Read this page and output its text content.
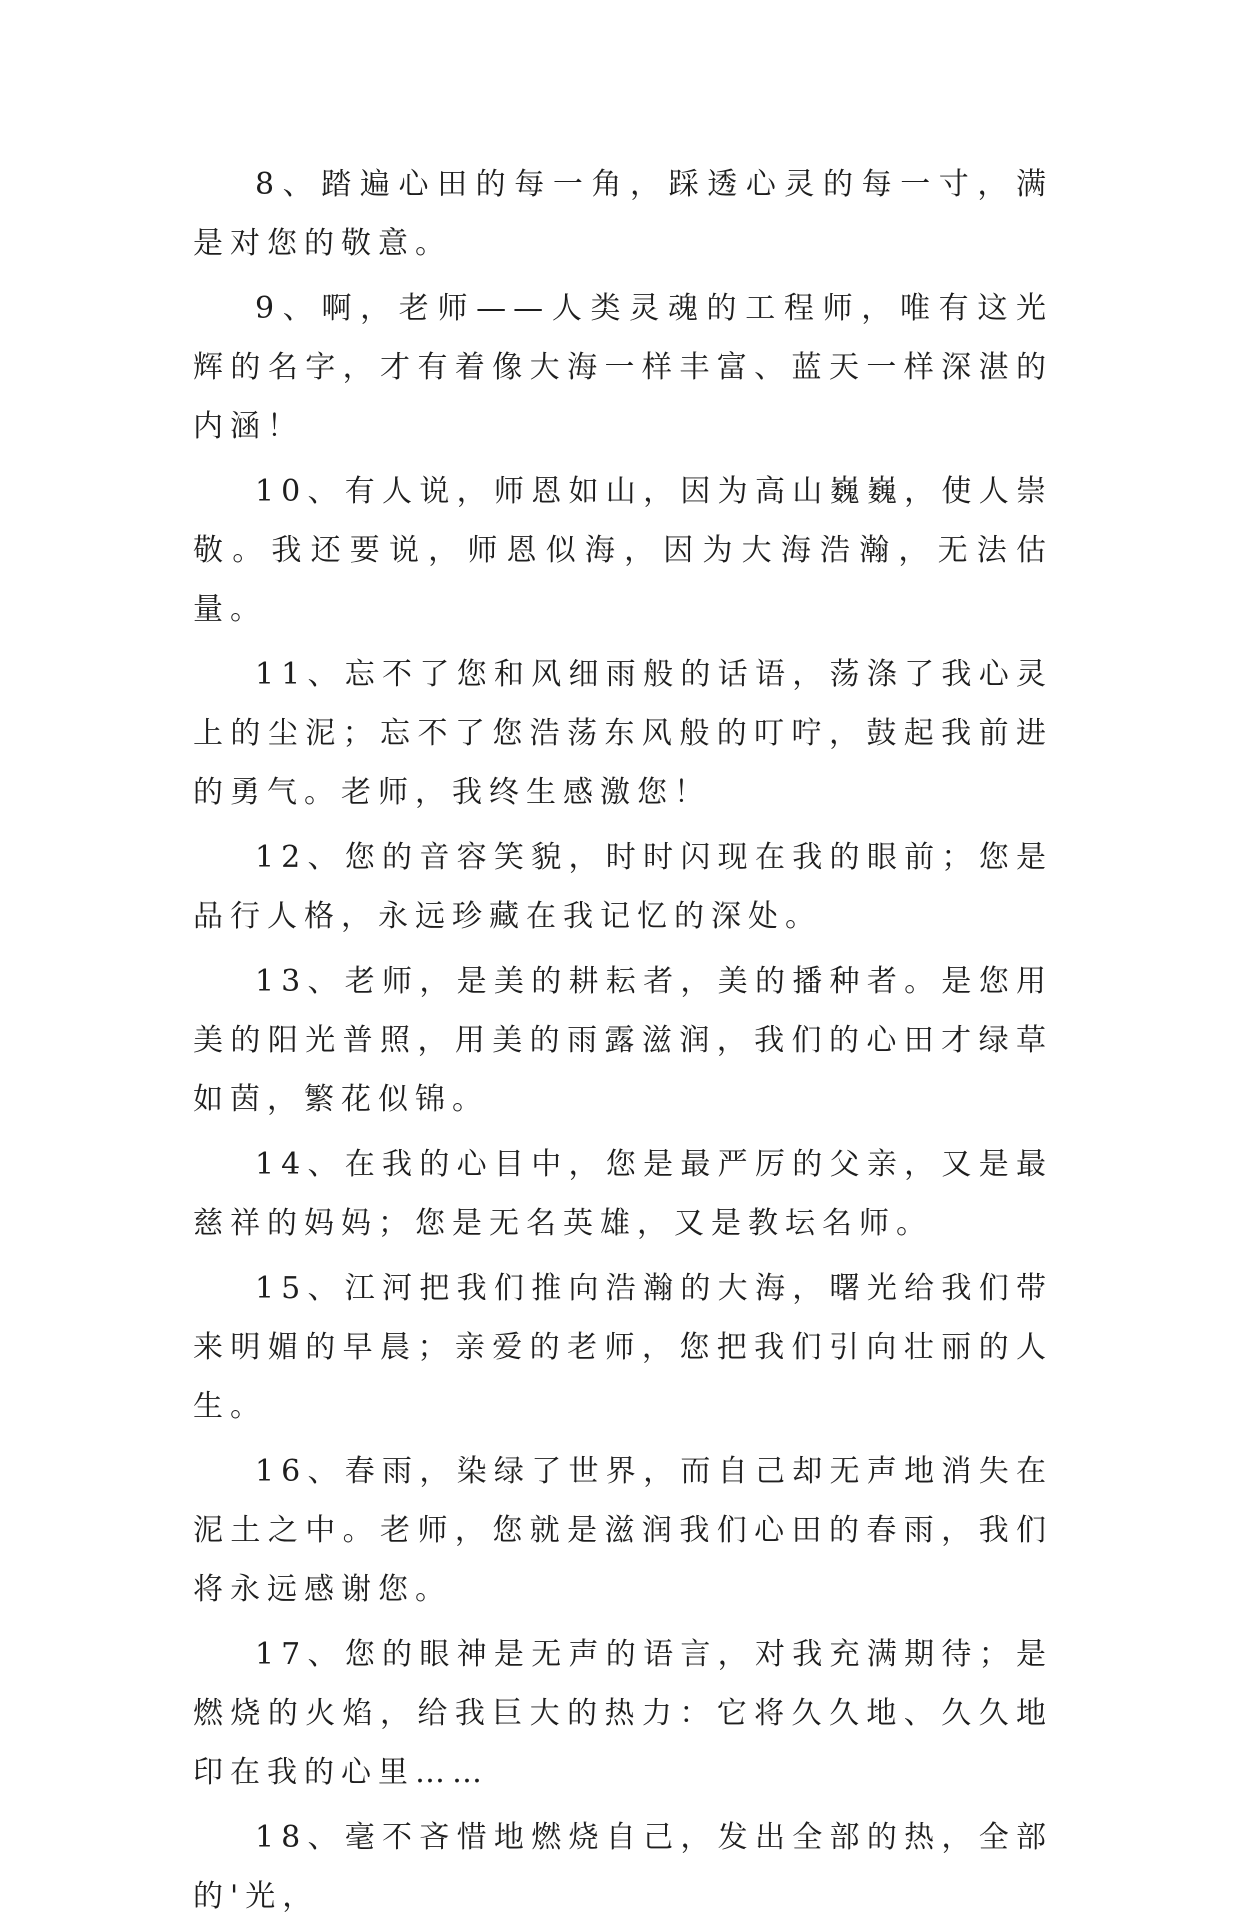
8、踏遍心田的每一角，踩透心灵的每一寸，满是对您的敬意。

9、啊，老师——人类灵魂的工程师，唯有这光辉的名字，才有着像大海一样丰富、蓝天一样深湛的内涵！

10、有人说，师恩如山，因为高山巍巍，使人崇敬。我还要说，师恩似海，因为大海浩瀚，无法估量。

11、忘不了您和风细雨般的话语，荡涤了我心灵上的尘泥；忘不了您浩荡东风般的叮咛，鼓起我前进的勇气。老师，我终生感激您！

12、您的音容笑貌，时时闪现在我的眼前；您是品行人格，永远珍藏在我记忆的深处。

13、老师，是美的耕耘者，美的播种者。是您用美的阳光普照，用美的雨露滋润，我们的心田才绿草如茵，繁花似锦。

14、在我的心目中，您是最严厉的父亲，又是最慈祥的妈妈；您是无名英雄，又是教坛名师。

15、江河把我们推向浩瀚的大海，曙光给我们带来明媚的早晨；亲爱的老师，您把我们引向壮丽的人生。

16、春雨，染绿了世界，而自己却无声地消失在泥土之中。老师，您就是滋润我们心田的春雨，我们将永远感谢您。

17、您的眼神是无声的语言，对我充满期待；是燃烧的火焰，给我巨大的热力：它将久久地、久久地印在我的心里……

18、毫不吝惜地燃烧自己，发出全部的热，全部的'光，
